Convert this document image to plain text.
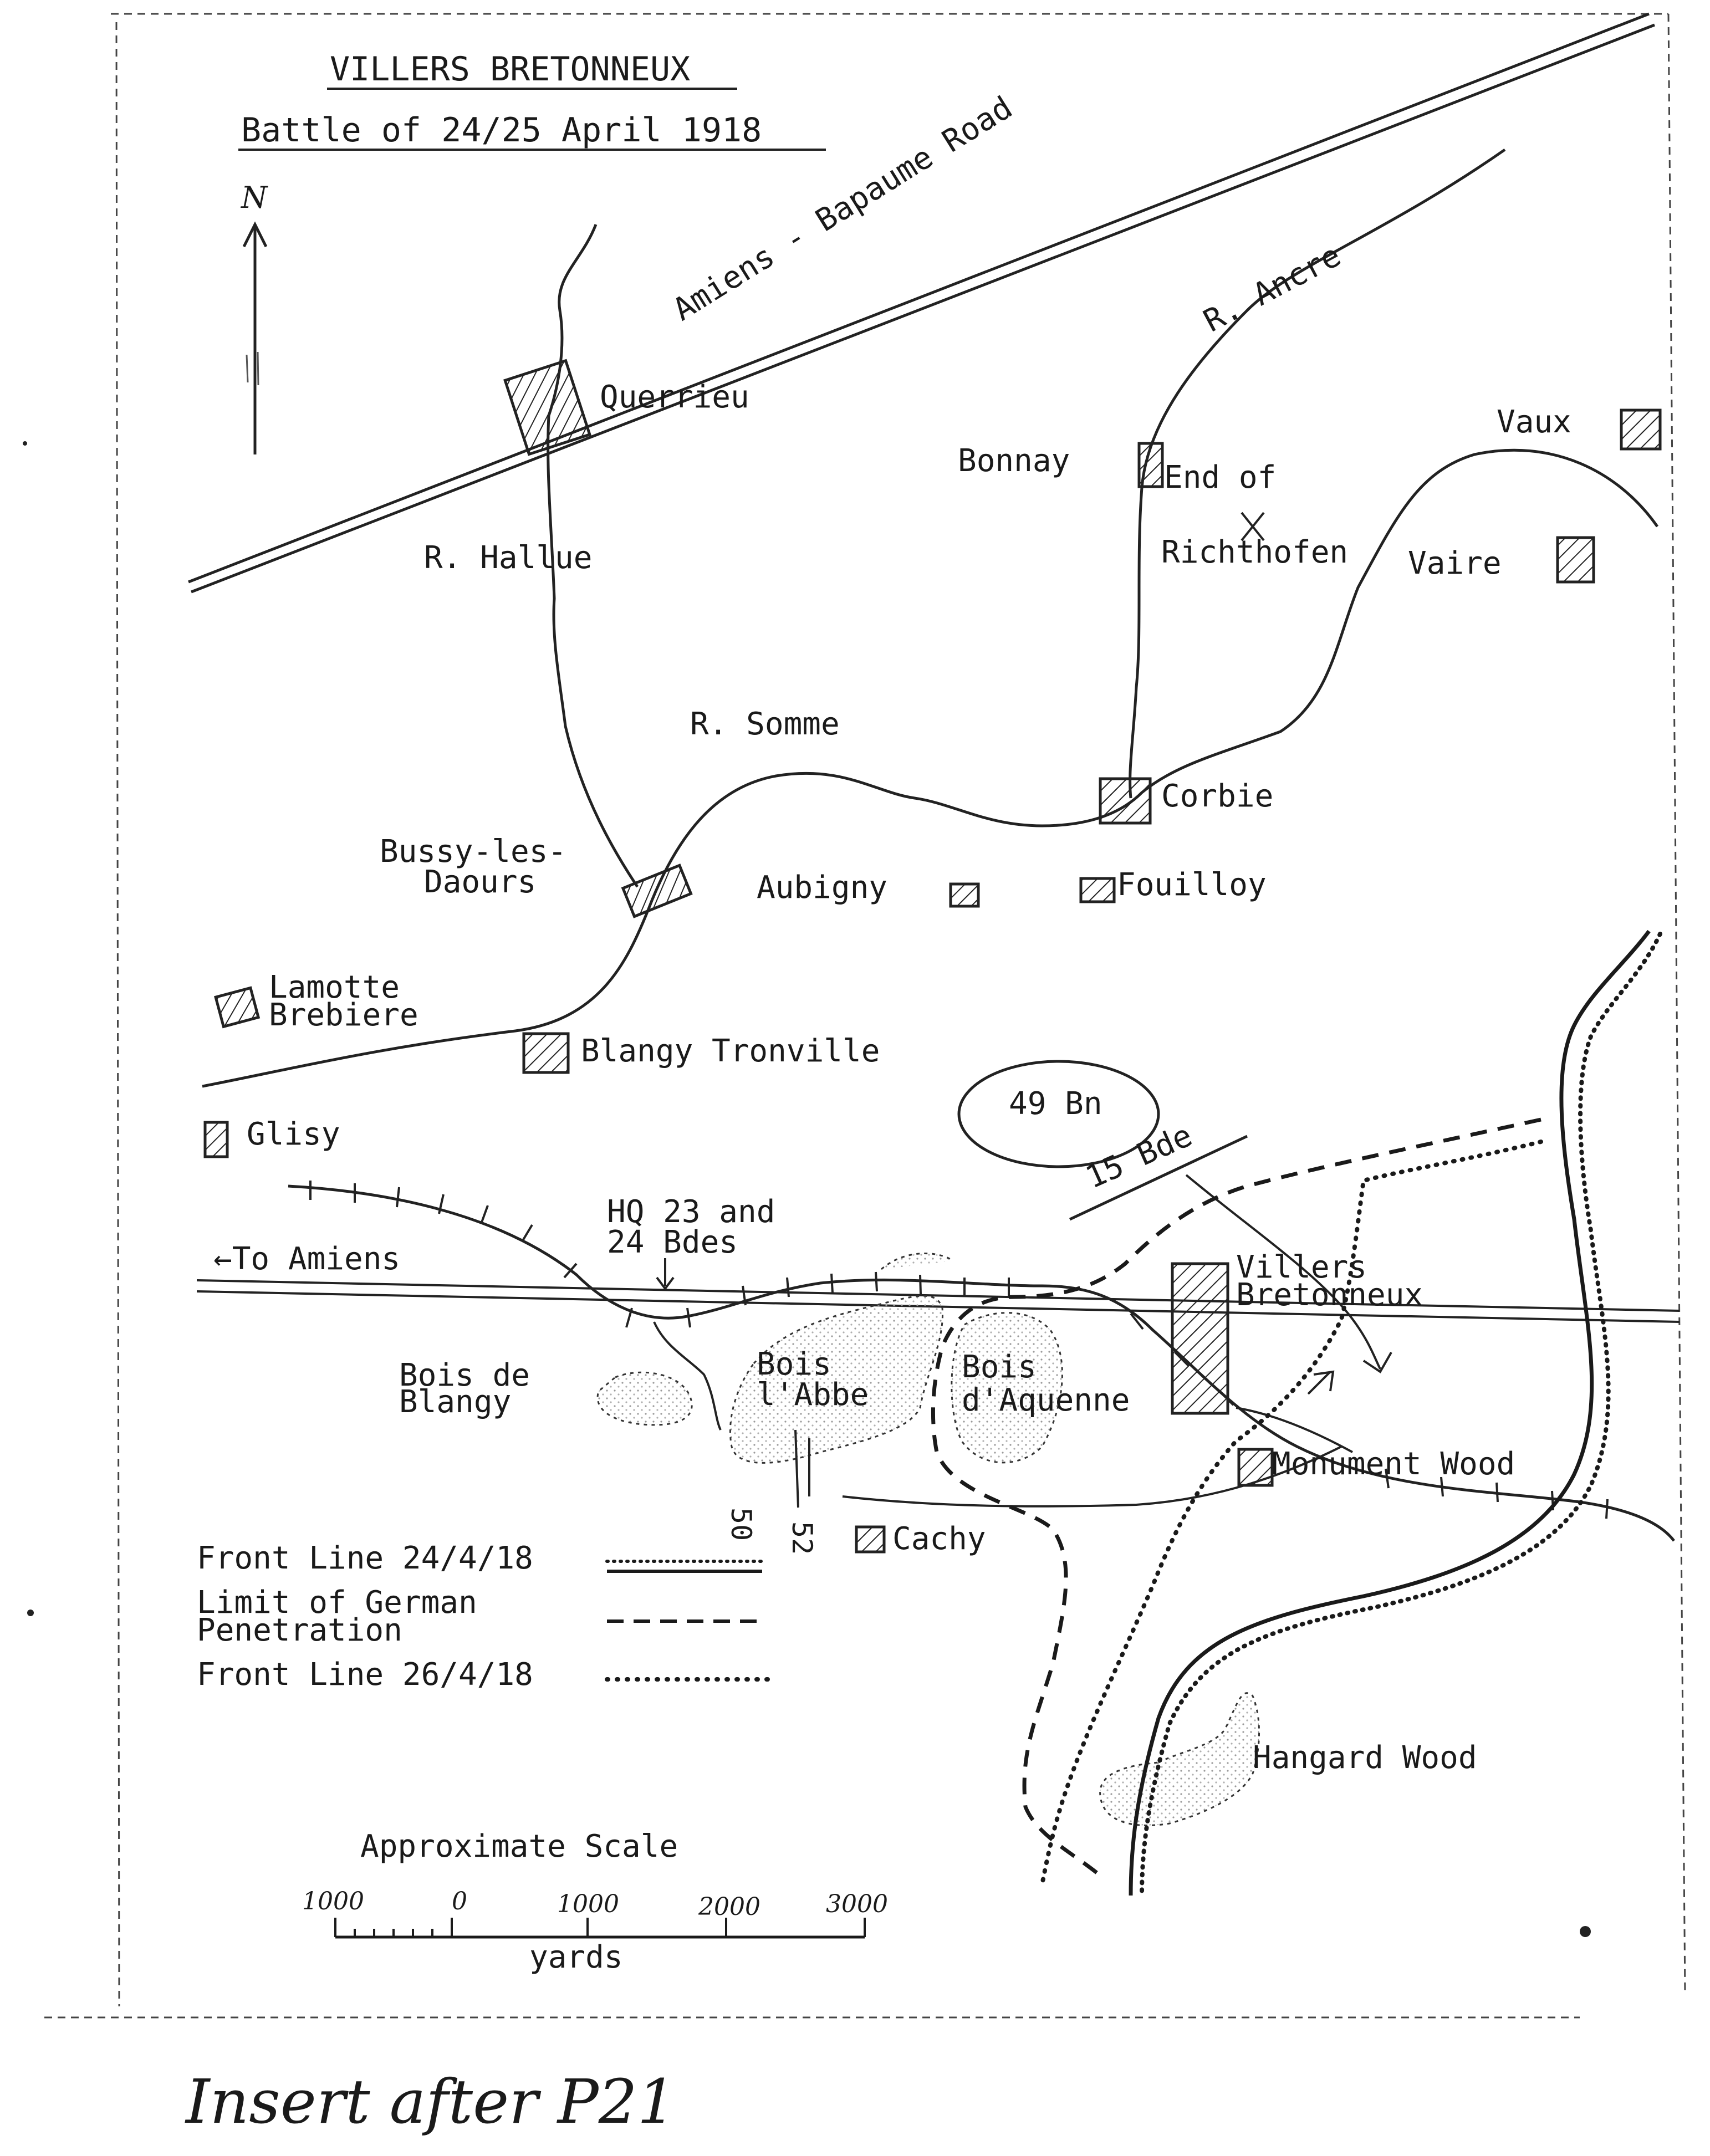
VILLERS BRETONNEUX
Battle of 24/25 April 1918
N	Amiens - Bapaume Road
R. Hallue
R. Somme
R. Ancre
Querrieu
Bonnay
Vaux
Vaire
End of
Richthofen
Corbie
Bussy-les-
Daours	Aubigny	Fouilloy
Lamotte
Brebiere
Blangy Tronville
Glisy
49 Bn
15 Bde
←To Amiens
HQ 23 and
24 Bdes
Villers
Bretonneux
Bois de
Blangy
Bois
l'Abbe
Bois
d'Aquenne
Monument Wood
Hangard Wood
Cachy
50 52
Front Line 24/4/18
Limit of German
Penetration
Front Line 26/4/18
Approximate Scale
1000	0	1000	2000	3000
yards
Insert after P21
